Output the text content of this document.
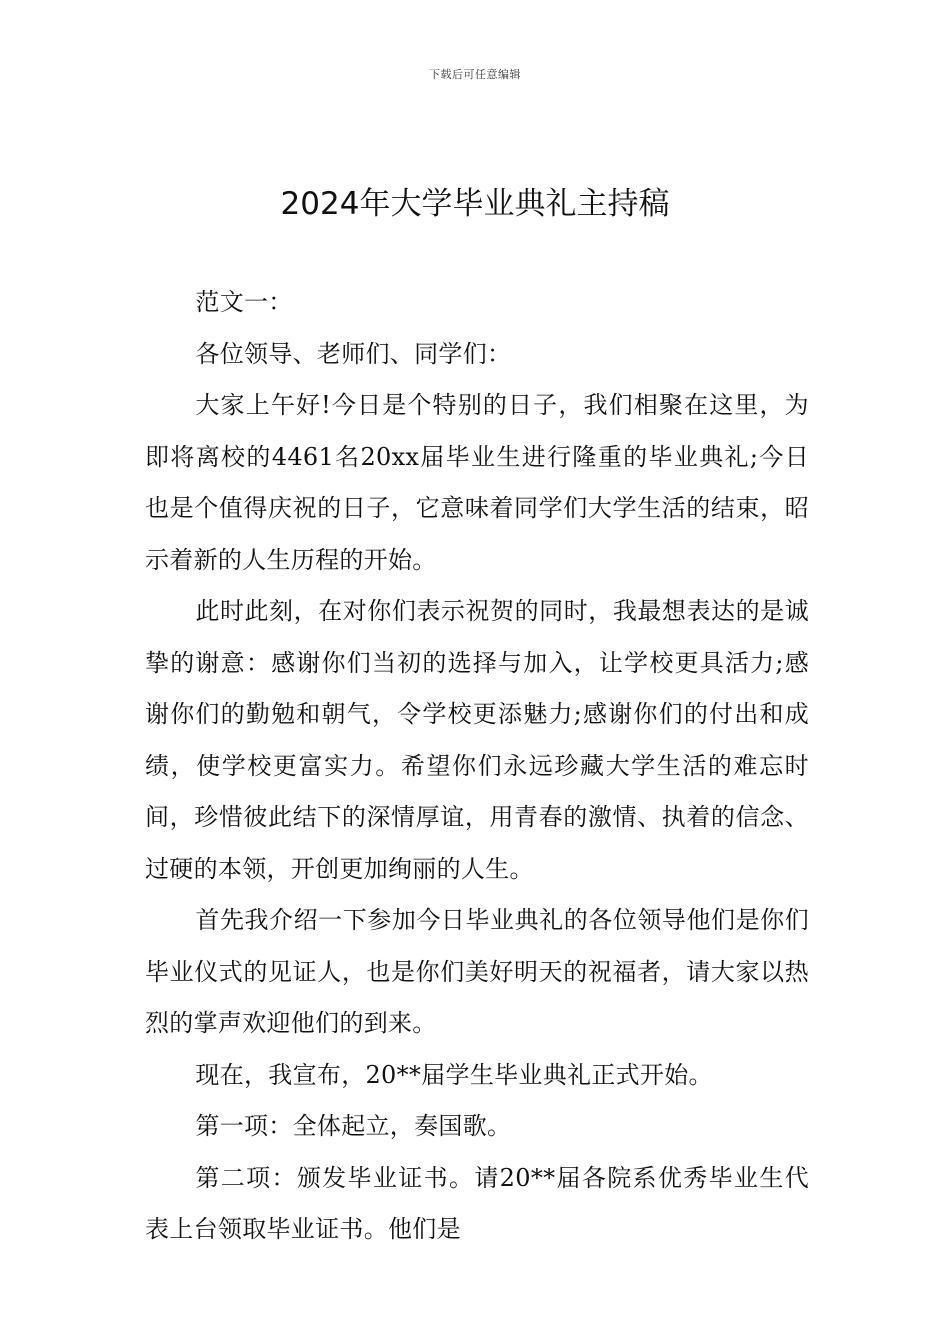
下载后可任意编辑
2024年大学毕业典礼主持稿

范文一：

各位领导、老师们、同学们：

大家上午好!今日是个特别的日子，我们相聚在这里，为即将离校的4461名20xx届毕业生进行隆重的毕业典礼;今日也是个值得庆祝的日子，它意味着同学们大学生活的结束，昭示着新的人生历程的开始。

此时此刻，在对你们表示祝贺的同时，我最想表达的是诚挚的谢意：感谢你们当初的选择与加入，让学校更具活力;感谢你们的勤勉和朝气，令学校更添魅力;感谢你们的付出和成绩，使学校更富实力。希望你们永远珍藏大学生活的难忘时间，珍惜彼此结下的深情厚谊，用青春的激情、执着的信念、过硬的本领，开创更加绚丽的人生。

首先我介绍一下参加今日毕业典礼的各位领导他们是你们毕业仪式的见证人，也是你们美好明天的祝福者，请大家以热烈的掌声欢迎他们的到来。

现在，我宣布，20**届学生毕业典礼正式开始。

第一项：全体起立，奏国歌。

第二项：颁发毕业证书。请20**届各院系优秀毕业生代表上台领取毕业证书。他们是
